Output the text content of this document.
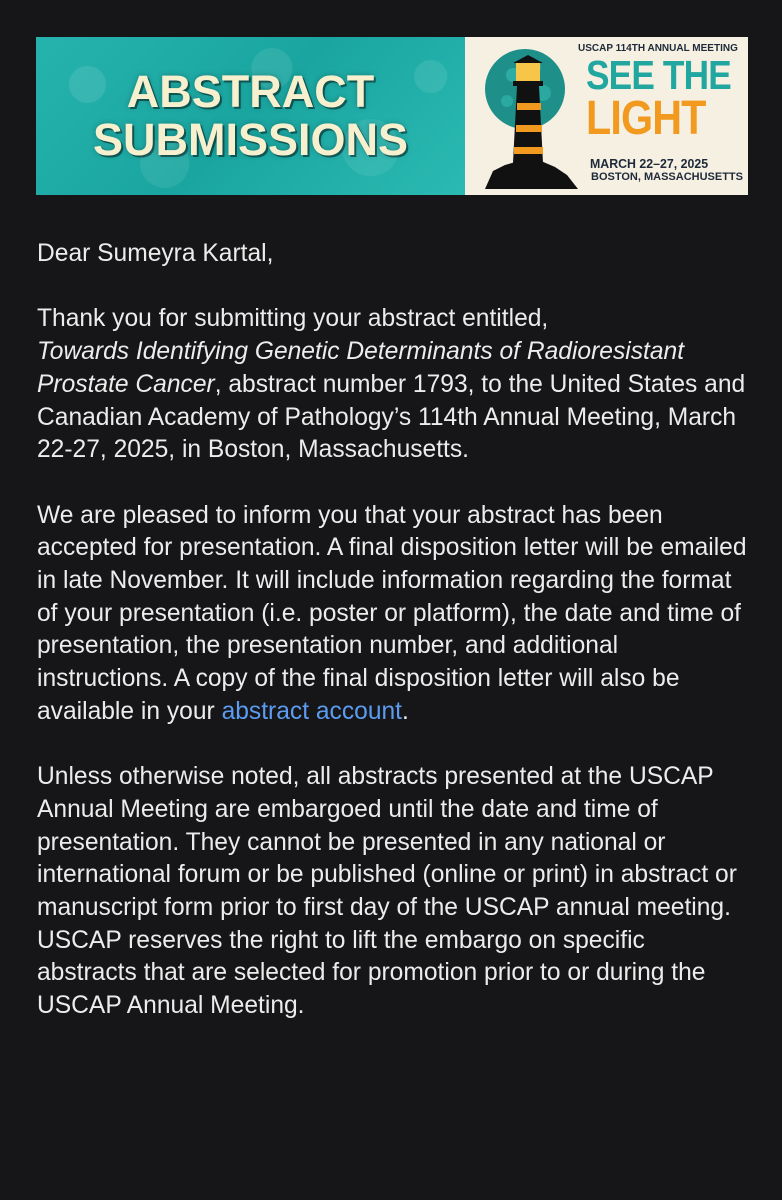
ABSTRACT
SUBMISSIONS
USCAP 114TH ANNUAL MEETING
SEE THE
LIGHT
MARCH 22–27, 2025
BOSTON, MASSACHUSETTS

Dear Sumeyra Kartal,

Thank you for submitting your abstract entitled,
Towards Identifying Genetic Determinants of Radioresistant Prostate Cancer, abstract number 1793, to the United States and Canadian Academy of Pathology’s 114th Annual Meeting, March 22-27, 2025, in Boston, Massachusetts.

We are pleased to inform you that your abstract has been accepted for presentation. A final disposition letter will be emailed in late November. It will include information regarding the format of your presentation (i.e. poster or platform), the date and time of presentation, the presentation number, and additional instructions. A copy of the final disposition letter will also be available in your abstract account.

Unless otherwise noted, all abstracts presented at the USCAP Annual Meeting are embargoed until the date and time of presentation. They cannot be presented in any national or international forum or be published (online or print) in abstract or manuscript form prior to first day of the USCAP annual meeting. USCAP reserves the right to lift the embargo on specific abstracts that are selected for promotion prior to or during the USCAP Annual Meeting.
